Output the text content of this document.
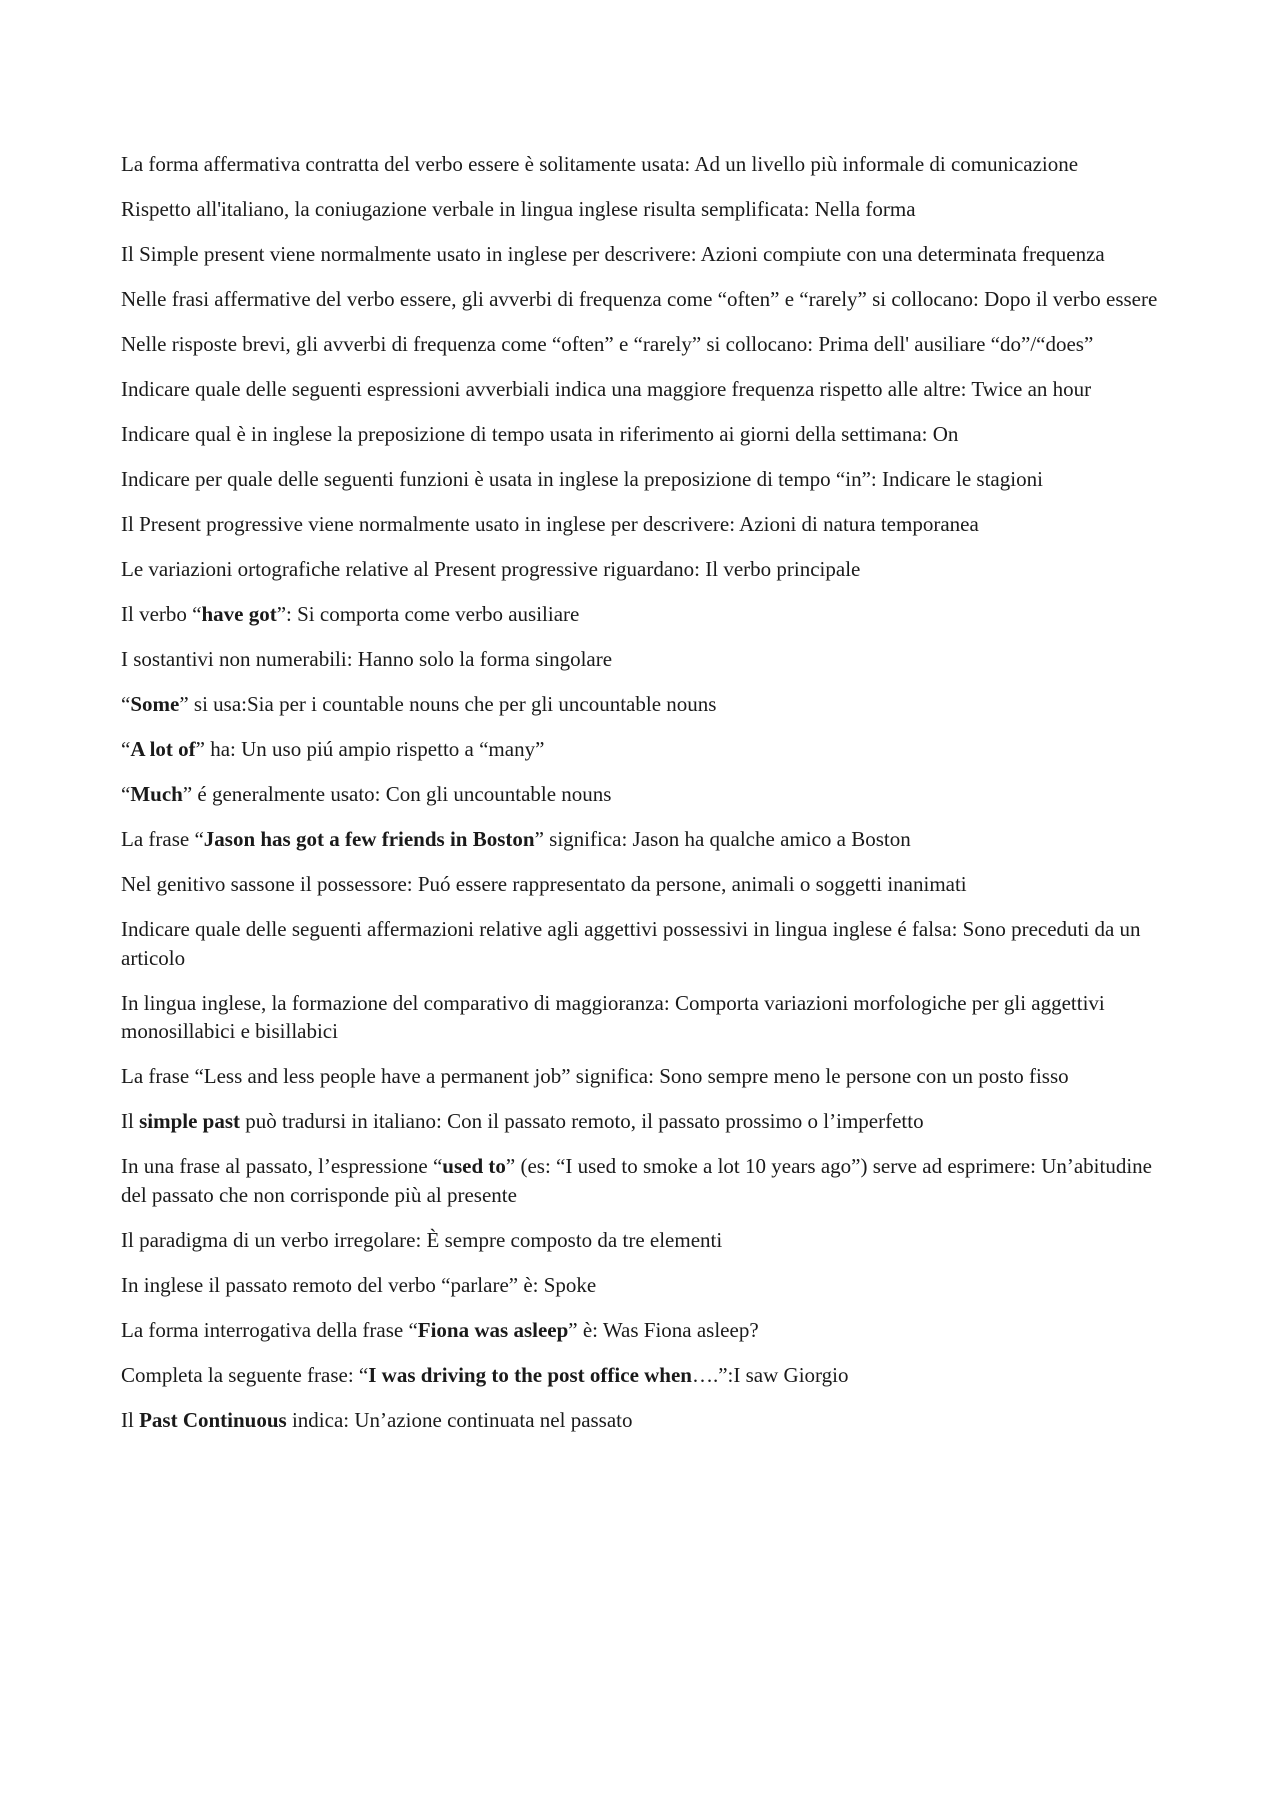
La forma affermativa contratta del verbo essere è solitamente usata: Ad un livello più informale di comunicazione

Rispetto all'italiano, la coniugazione verbale in lingua inglese risulta semplificata: Nella forma

Il Simple present viene normalmente usato in inglese per descrivere: Azioni compiute con una determinata frequenza

Nelle frasi affermative del verbo essere, gli avverbi di frequenza come “often” e “rarely” si collocano: Dopo il verbo essere

Nelle risposte brevi, gli avverbi di frequenza come “often” e “rarely” si collocano: Prima dell' ausiliare “do”/“does”

Indicare quale delle seguenti espressioni avverbiali indica una maggiore frequenza rispetto alle altre: Twice an hour

Indicare qual è in inglese la preposizione di tempo usata in riferimento ai giorni della settimana: On

Indicare per quale delle seguenti funzioni è usata in inglese la preposizione di tempo “in”: Indicare le stagioni

Il Present progressive viene normalmente usato in inglese per descrivere: Azioni di natura temporanea

Le variazioni ortografiche relative al Present progressive riguardano: Il verbo principale

Il verbo “have got”: Si comporta come verbo ausiliare

I sostantivi non numerabili: Hanno solo la forma singolare

“Some” si usa:Sia per i countable nouns che per gli uncountable nouns

“A lot of” ha: Un uso piú ampio rispetto a “many”

“Much” é generalmente usato: Con gli uncountable nouns

La frase “Jason has got a few friends in Boston” significa: Jason ha qualche amico a Boston

Nel genitivo sassone il possessore: Puó essere rappresentato da persone, animali o soggetti inanimati

Indicare quale delle seguenti affermazioni relative agli aggettivi possessivi in lingua inglese é falsa: Sono preceduti da un articolo

In lingua inglese, la formazione del comparativo di maggioranza: Comporta variazioni morfologiche per gli aggettivi monosillabici e bisillabici

La frase “Less and less people have a permanent job” significa: Sono sempre meno le persone con un posto fisso

Il simple past può tradursi in italiano: Con il passato remoto, il passato prossimo o l’imperfetto

In una frase al passato, l’espressione “used to” (es: “I used to smoke a lot 10 years ago”) serve ad esprimere: Un’abitudine del passato che non corrisponde più al presente

Il paradigma di un verbo irregolare: È sempre composto da tre elementi

In inglese il passato remoto del verbo “parlare” è: Spoke

La forma interrogativa della frase “Fiona was asleep” è: Was Fiona asleep?

Completa la seguente frase: “I was driving to the post office when….”:I saw Giorgio

Il Past Continuous indica: Un’azione continuata nel passato
